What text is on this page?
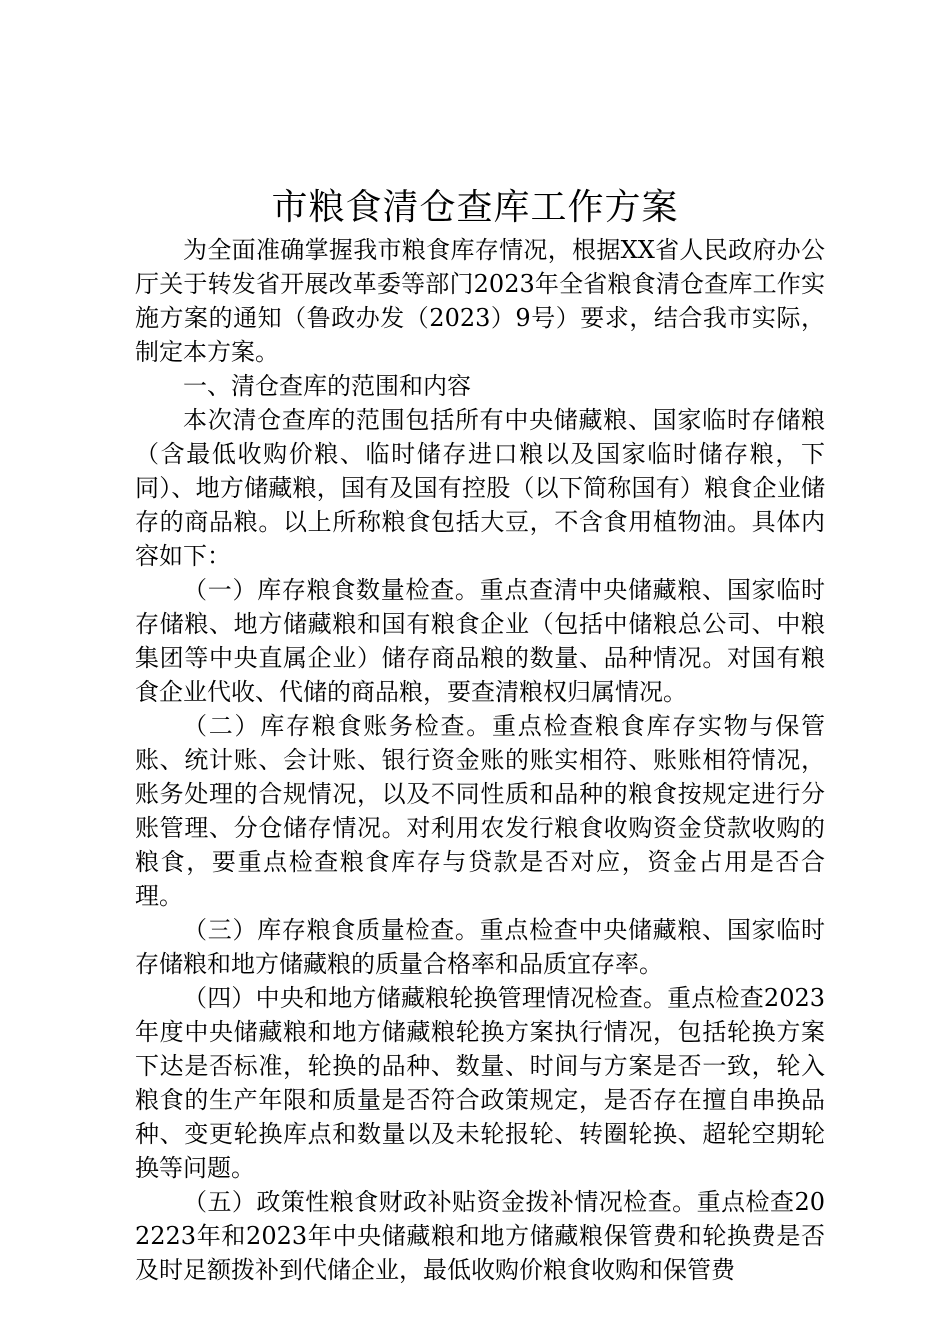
市粮食清仓查库工作方案

为全面准确掌握我市粮食库存情况，根据XX省人民政府办公厅关于转发省开展改革委等部门2023年全省粮食清仓查库工作实施方案的通知（鲁政办发（2023）9号）要求，结合我市实际，制定本方案。

一、清仓查库的范围和内容

本次清仓查库的范围包括所有中央储藏粮、国家临时存储粮（含最低收购价粮、临时储存进口粮以及国家临时储存粮，下同）、地方储藏粮，国有及国有控股（以下简称国有）粮食企业储存的商品粮。以上所称粮食包括大豆，不含食用植物油。具体内容如下：

（一）库存粮食数量检查。重点查清中央储藏粮、国家临时存储粮、地方储藏粮和国有粮食企业（包括中储粮总公司、中粮集团等中央直属企业）储存商品粮的数量、品种情况。对国有粮食企业代收、代储的商品粮，要查清粮权归属情况。

（二）库存粮食账务检查。重点检查粮食库存实物与保管账、统计账、会计账、银行资金账的账实相符、账账相符情况，账务处理的合规情况，以及不同性质和品种的粮食按规定进行分账管理、分仓储存情况。对利用农发行粮食收购资金贷款收购的粮食，要重点检查粮食库存与贷款是否对应，资金占用是否合理。

（三）库存粮食质量检查。重点检查中央储藏粮、国家临时存储粮和地方储藏粮的质量合格率和品质宜存率。

（四）中央和地方储藏粮轮换管理情况检查。重点检查2023年度中央储藏粮和地方储藏粮轮换方案执行情况，包括轮换方案下达是否标准，轮换的品种、数量、时间与方案是否一致，轮入粮食的生产年限和质量是否符合政策规定，是否存在擅自串换品种、变更轮换库点和数量以及未轮报轮、转圈轮换、超轮空期轮换等问题。

（五）政策性粮食财政补贴资金拨补情况检查。重点检查202223年和2023年中央储藏粮和地方储藏粮保管费和轮换费是否及时足额拨补到代储企业，最低收购价粮食收购和保管费
